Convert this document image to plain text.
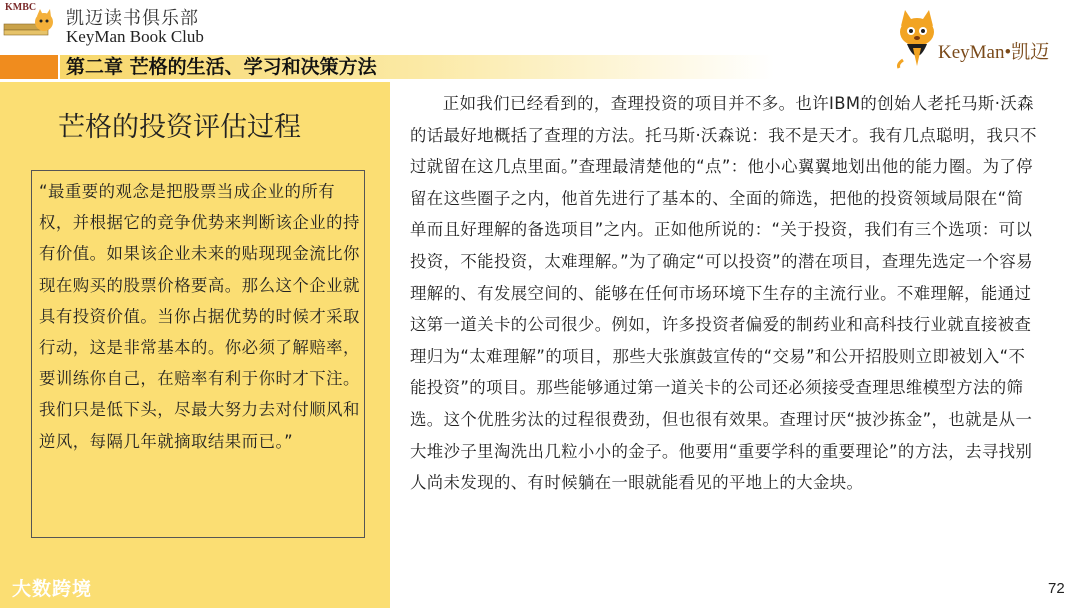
KMBC
凯迈读书俱乐部
KeyMan Book Club
第二章 芒格的生活、学习和决策方法
KeyMan•凯迈
芒格的投资评估过程
“最重要的观念是把股票当成企业的所有权，并根据它的竞争优势来判断该企业的持有价值。如果该企业未来的贴现现金流比你现在购买的股票价格要高。那么这个企业就具有投资价值。当你占据优势的时候才采取行动，这是非常基本的。你必须了解赔率，要训练你自己，在赔率有利于你时才下注。我们只是低下头，尽最大努力去对付顺风和逆风，每隔几年就摘取结果而已。”
正如我们已经看到的，查理投资的项目并不多。也许IBM的创始人老托马斯·沃森的话最好地概括了查理的方法。托马斯·沃森说：我不是天才。我有几点聪明，我只不过就留在这几点里面。”查理最清楚他的“点”：他小心翼翼地划出他的能力圈。为了停留在这些圈子之内，他首先进行了基本的、全面的筛选，把他的投资领域局限在“简单而且好理解的备选项目”之内。正如他所说的：“关于投资，我们有三个选项：可以投资，不能投资，太难理解。”为了确定“可以投资”的潜在项目，查理先选定一个容易理解的、有发展空间的、能够在任何市场环境下生存的主流行业。不难理解，能通过这第一道关卡的公司很少。例如，许多投资者偏爱的制药业和高科技行业就直接被查理归为“太难理解”的项目，那些大张旗鼓宣传的“交易”和公开招股则立即被划入“不能投资”的项目。那些能够通过第一道关卡的公司还必须接受查理思维模型方法的筛选。这个优胜劣汰的过程很费劲，但也很有效果。查理讨厌“披沙拣金”，也就是从一大堆沙子里淘洗出几粒小小的金子。他要用“重要学科的重要理论”的方法，去寻找别人尚未发现的、有时候躺在一眼就能看见的平地上的大金块。
大数跨境	72
